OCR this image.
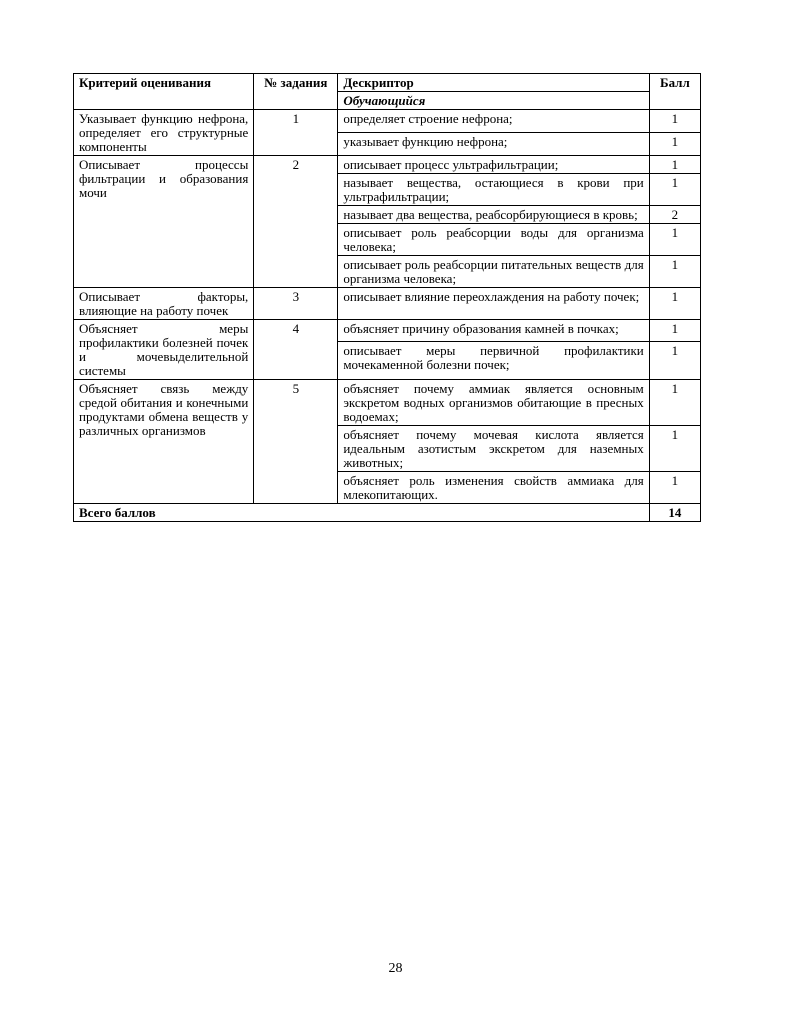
Критерий оценивания	№ задания	Дескриптор	Балл
		Обучающийся	
Указывает функцию нефрона, определяет его структурные компоненты	1	определяет строение нефрона;	1
		указывает функцию нефрона;	1
Описывает процессы фильтрации и образования мочи	2	описывает процесс ультрафильтрации;	1
		называет вещества, остающиеся в крови при ультрафильтрации;	1
		называет два вещества, реабсорбирующиеся в кровь;	2
		описывает роль реабсорции воды для организма человека;	1
		описывает роль реабсорции питательных веществ для организма человека;	1
Описывает факторы, влияющие на работу почек	3	описывает влияние переохлаждения на работу почек;	1
Объясняет меры профилактики болезней почек и мочевыделительной системы	4	объясняет причину образования камней в почках;	1
		описывает меры первичной профилактики мочекаменной болезни почек;	1
Объясняет связь между средой обитания и конечными продуктами обмена веществ у различных организмов	5	объясняет почему аммиак является основным экскретом водных организмов обитающие в пресных водоемах;	1
		объясняет почему мочевая кислота является идеальным азотистым экскретом для наземных животных;	1
		объясняет роль изменения свойств аммиака для млекопитающих.	1
Всего баллов			14
28
